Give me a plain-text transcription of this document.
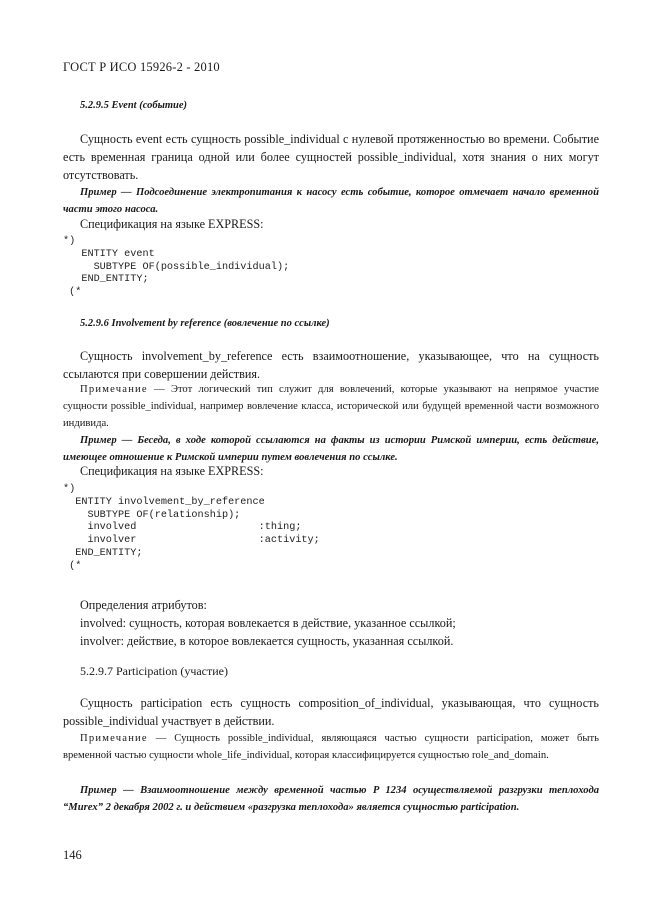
ГОСТ Р ИСО 15926-2 - 2010
5.2.9.5 Event (событие)
Сущность event есть сущность possible_individual с нулевой протяженностью во времени. Событие есть временная граница одной или более сущностей possible_individual, хотя знания о них могут отсутствовать.
Пример — Подсоединение электропитания к насосу есть событие, которое отмечает начало временной части этого насоса.
Спецификация на языке EXPRESS:
*)
ENTITY event
SUBTYPE OF(possible_individual);
END_ENTITY;
(*
5.2.9.6 Involvement by reference (вовлечение по ссылке)
Сущность involvement_by_reference есть взаимоотношение, указывающее, что на сущность ссылаются при совершении действия.
Примечание — Этот логический тип служит для вовлечений, которые указывают на непрямое участие сущности possible_individual, например вовлечение класса, исторической или будущей временной части возможного индивида.
Пример — Беседа, в ходе которой ссылаются на факты из истории Римской империи, есть действие, имеющее отношение к Римской империи путем вовлечения по ссылке.
Спецификация на языке EXPRESS:
*)
ENTITY involvement_by_reference
SUBTYPE OF(relationship);
involved                    :thing;
involver                    :activity;
END_ENTITY;
(*
Определения атрибутов:
involved: сущность, которая вовлекается в действие, указанное ссылкой;
involver: действие, в которое вовлекается сущность, указанная ссылкой.
5.2.9.7 Participation (участие)
Сущность participation есть сущность composition_of_individual, указывающая, что сущность possible_individual участвует в действии.
Примечание — Сущность possible_individual, являющаяся частью сущности participation, может быть временной частью сущности whole_life_individual, которая классифицируется сущностью role_and_domain.
Пример — Взаимоотношение между временной частью P 1234 осуществляемой разгрузки теплохода “Murex” 2 декабря 2002 г. и действием «разгрузка теплохода» является сущностью participation.
146
